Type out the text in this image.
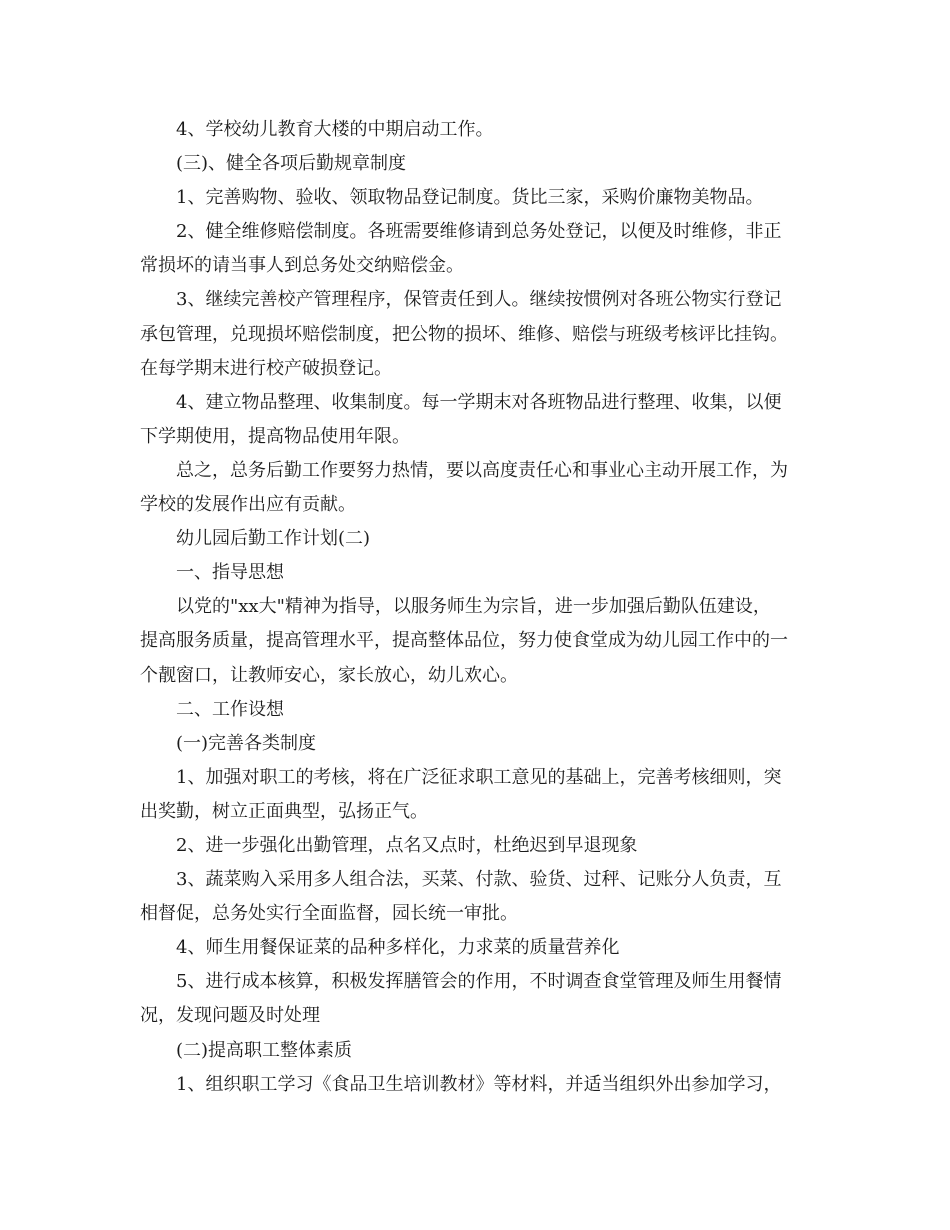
4、学校幼儿教育大楼的中期启动工作。
(三)、健全各项后勤规章制度
1、完善购物、验收、领取物品登记制度。货比三家，采购价廉物美物品。
2、健全维修赔偿制度。各班需要维修请到总务处登记，以便及时维修，非正
常损坏的请当事人到总务处交纳赔偿金。
3、继续完善校产管理程序，保管责任到人。继续按惯例对各班公物实行登记
承包管理，兑现损坏赔偿制度，把公物的损坏、维修、赔偿与班级考核评比挂钩。
在每学期末进行校产破损登记。
4、建立物品整理、收集制度。每一学期末对各班物品进行整理、收集，以便
下学期使用，提高物品使用年限。
总之，总务后勤工作要努力热情，要以高度责任心和事业心主动开展工作，为
学校的发展作出应有贡献。
幼儿园后勤工作计划(二)
一、指导思想
以党的"xx大"精神为指导，以服务师生为宗旨，进一步加强后勤队伍建设，
提高服务质量，提高管理水平，提高整体品位，努力使食堂成为幼儿园工作中的一
个靓窗口，让教师安心，家长放心，幼儿欢心。
二、工作设想
(一)完善各类制度
1、加强对职工的考核，将在广泛征求职工意见的基础上，完善考核细则，突
出奖勤，树立正面典型，弘扬正气。
2、进一步强化出勤管理，点名又点时，杜绝迟到早退现象
3、蔬菜购入采用多人组合法，买菜、付款、验货、过秤、记账分人负责，互
相督促，总务处实行全面监督，园长统一审批。
4、师生用餐保证菜的品种多样化，力求菜的质量营养化
5、进行成本核算，积极发挥膳管会的作用，不时调查食堂管理及师生用餐情
况，发现问题及时处理
(二)提高职工整体素质
1、组织职工学习《食品卫生培训教材》等材料，并适当组织外出参加学习，
